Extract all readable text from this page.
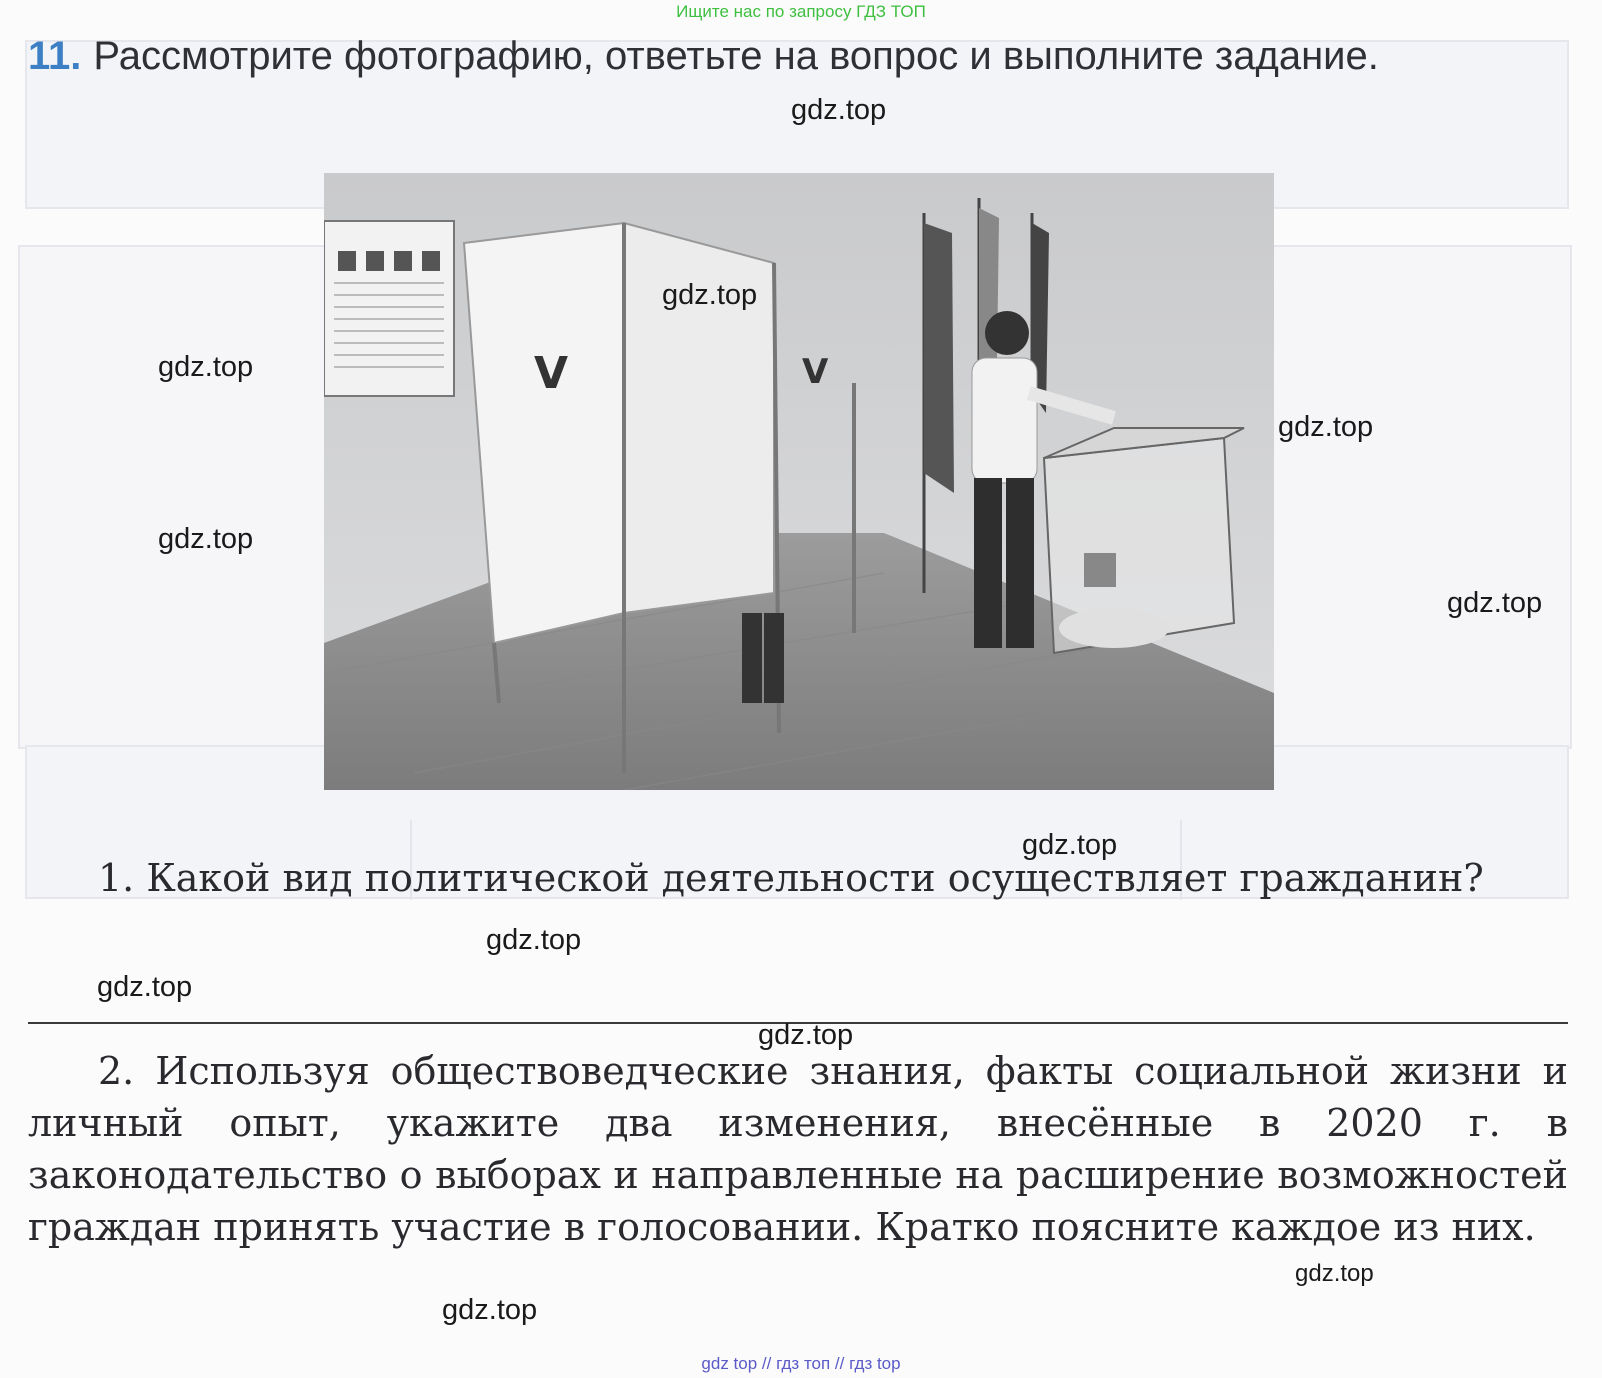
Ищите нас по запросу ГДЗ ТОП
11. Рассмотрите фотографию, ответьте на вопрос и выполните задание.
V	V
1. Какой вид политической деятельности осуществляет гражданин?
2. Используя обществоведческие знания, факты социальной жизни и личный опыт, укажите два изменения, внесённые в 2020 г. в законодательство о выборах и направленные на расширение возможностей граждан принять участие в голосовании. Кратко поясните каждое из них.
gdz.top
gdz.top
gdz.top
gdz.top
gdz.top
gdz.top
gdz.top
gdz.top
gdz.top
gdz.top
gdz.top
gdz.top
gdz top // гдз топ // гдз top
